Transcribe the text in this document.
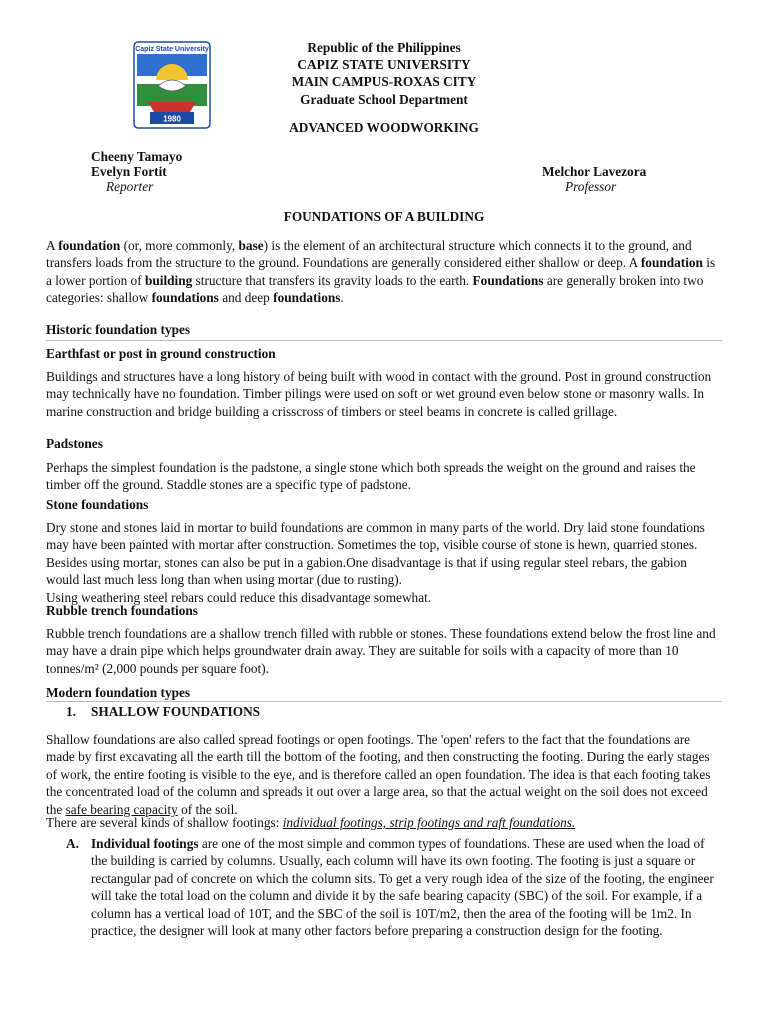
Capiz State University
1980
Republic of the Philippines
CAPIZ STATE UNIVERSITY
MAIN CAMPUS-ROXAS CITY
Graduate School Department
ADVANCED WOODWORKING
Cheeny Tamayo
Evelyn Fortit
Reporter
Melchor Lavezora
Professor
FOUNDATIONS OF A BUILDING
A foundation (or, more commonly, base) is the element of an architectural structure which connects it to the ground, and transfers loads from the structure to the ground. Foundations are generally considered either shallow or deep. A foundation is a lower portion of building structure that transfers its gravity loads to the earth. Foundations are generally broken into two categories: shallow foundations and deep foundations.
Historic foundation types
Earthfast or post in ground construction
Buildings and structures have a long history of being built with wood in contact with the ground. Post in ground construction may technically have no foundation. Timber pilings were used on soft or wet ground even below stone or masonry walls. In marine construction and bridge building a crisscross of timbers or steel beams in concrete is called grillage.
Padstones
Perhaps the simplest foundation is the padstone, a single stone which both spreads the weight on the ground and raises the timber off the ground. Staddle stones are a specific type of padstone.
Stone foundations
Dry stone and stones laid in mortar to build foundations are common in many parts of the world. Dry laid stone foundations may have been painted with mortar after construction. Sometimes the top, visible course of stone is hewn, quarried stones. Besides using mortar, stones can also be put in a gabion.One disadvantage is that if using regular steel rebars, the gabion would last much less long than when using mortar (due to rusting).
Using weathering steel rebars could reduce this disadvantage somewhat.
Rubble trench foundations
Rubble trench foundations are a shallow trench filled with rubble or stones. These foundations extend below the frost line and may have a drain pipe which helps groundwater drain away. They are suitable for soils with a capacity of more than 10 tonnes/m² (2,000 pounds per square foot).
Modern foundation types
1. SHALLOW FOUNDATIONS
Shallow foundations are also called spread footings or open footings. The 'open' refers to the fact that the foundations are made by first excavating all the earth till the bottom of the footing, and then constructing the footing. During the early stages of work, the entire footing is visible to the eye, and is therefore called an open foundation. The idea is that each footing takes the concentrated load of the column and spreads it out over a large area, so that the actual weight on the soil does not exceed the safe bearing capacity of the soil.
There are several kinds of shallow footings: individual footings, strip footings and raft foundations.
A. Individual footings are one of the most simple and common types of foundations. These are used when the load of the building is carried by columns. Usually, each column will have its own footing. The footing is just a square or rectangular pad of concrete on which the column sits. To get a very rough idea of the size of the footing, the engineer will take the total load on the column and divide it by the safe bearing capacity (SBC) of the soil. For example, if a column has a vertical load of 10T, and the SBC of the soil is 10T/m2, then the area of the footing will be 1m2. In practice, the designer will look at many other factors before preparing a construction design for the footing.
